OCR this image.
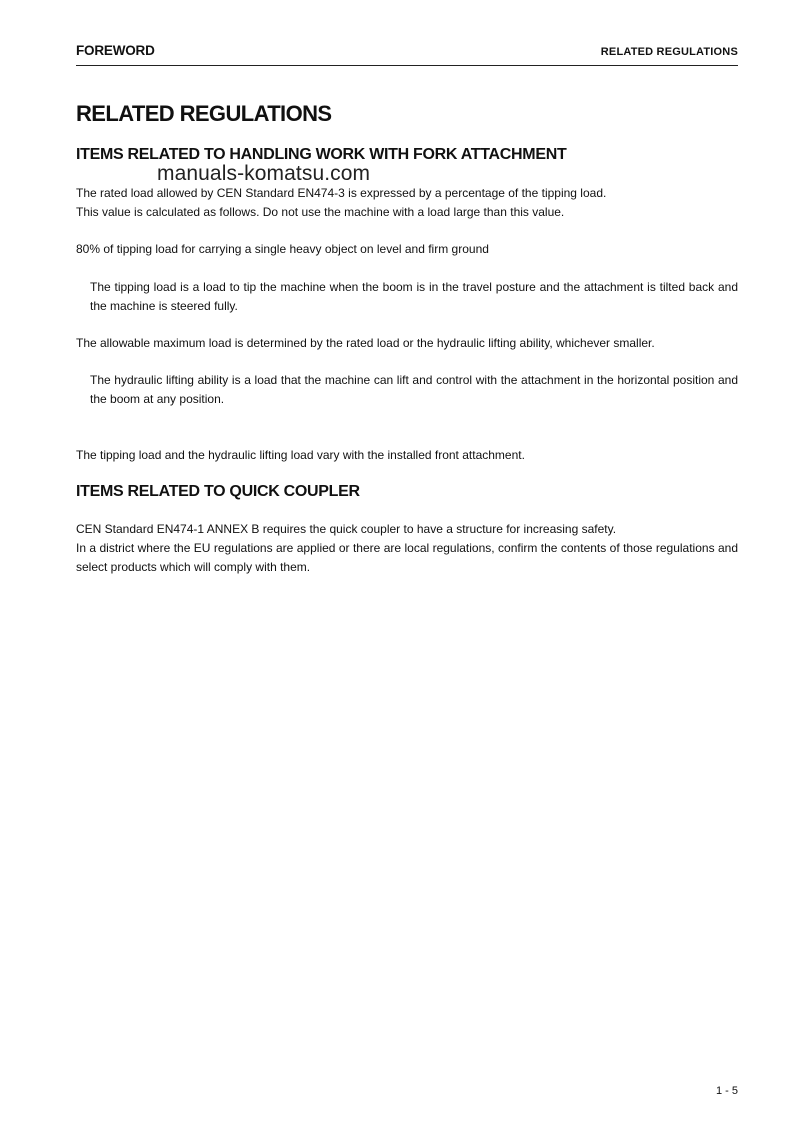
FOREWORD	RELATED REGULATIONS
RELATED REGULATIONS
ITEMS RELATED TO HANDLING WORK WITH FORK ATTACHMENT
manuals-komatsu.com

The rated load allowed by CEN Standard EN474-3 is expressed by a percentage of the tipping load.

This value is calculated as follows. Do not use the machine with a load large than this value.

80% of tipping load for carrying a single heavy object on level and firm ground

The tipping load is a load to tip the machine when the boom is in the travel posture and the attachment is tilted back and the machine is steered fully.

The allowable maximum load is determined by the rated load or the hydraulic lifting ability, whichever smaller.

The hydraulic lifting ability is a load that the machine can lift and control with the attachment in the horizontal position and the boom at any position.

The tipping load and the hydraulic lifting load vary with the installed front attachment.

ITEMS RELATED TO QUICK COUPLER

CEN Standard EN474-1 ANNEX B requires the quick coupler to have a structure for increasing safety.

In a district where the EU regulations are applied or there are local regulations, confirm the contents of those regulations and select products which will comply with them.

1 - 5
